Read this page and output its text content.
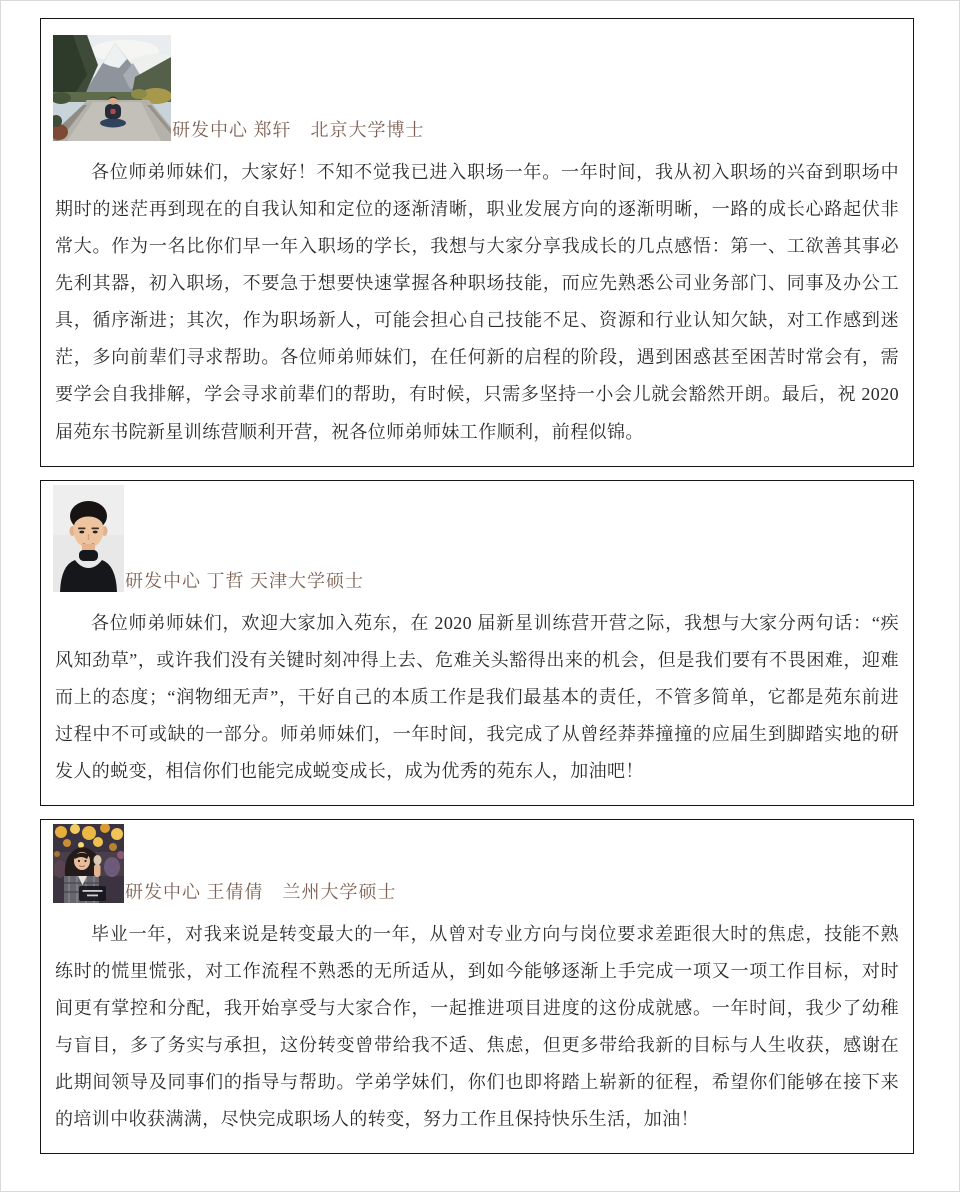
研发中心 郑轩　北京大学博士

各位师弟师妹们，大家好！不知不觉我已进入职场一年。一年时间，我从初入职场的兴奋到职场中期时的迷茫再到现在的自我认知和定位的逐渐清晰，职业发展方向的逐渐明晰，一路的成长心路起伏非常大。作为一名比你们早一年入职场的学长，我想与大家分享我成长的几点感悟：第一、工欲善其事必先利其器，初入职场，不要急于想要快速掌握各种职场技能，而应先熟悉公司业务部门、同事及办公工具，循序渐进；其次，作为职场新人，可能会担心自己技能不足、资源和行业认知欠缺，对工作感到迷茫，多向前辈们寻求帮助。各位师弟师妹们，在任何新的启程的阶段，遇到困惑甚至困苦时常会有，需要学会自我排解，学会寻求前辈们的帮助，有时候，只需多坚持一小会儿就会豁然开朗。最后，祝 2020 届苑东书院新星训练营顺利开营，祝各位师弟师妹工作顺利，前程似锦。

研发中心 丁哲 天津大学硕士

各位师弟师妹们，欢迎大家加入苑东，在 2020 届新星训练营开营之际，我想与大家分两句话：“疾风知劲草”，或许我们没有关键时刻冲得上去、危难关头豁得出来的机会，但是我们要有不畏困难，迎难而上的态度；“润物细无声”，干好自己的本质工作是我们最基本的责任，不管多简单，它都是苑东前进过程中不可或缺的一部分。师弟师妹们，一年时间，我完成了从曾经莽莽撞撞的应届生到脚踏实地的研发人的蜕变，相信你们也能完成蜕变成长，成为优秀的苑东人，加油吧！

研发中心 王倩倩　兰州大学硕士

毕业一年，对我来说是转变最大的一年，从曾对专业方向与岗位要求差距很大时的焦虑，技能不熟练时的慌里慌张，对工作流程不熟悉的无所适从，到如今能够逐渐上手完成一项又一项工作目标，对时间更有掌控和分配，我开始享受与大家合作，一起推进项目进度的这份成就感。一年时间，我少了幼稚与盲目，多了务实与承担，这份转变曾带给我不适、焦虑，但更多带给我新的目标与人生收获，感谢在此期间领导及同事们的指导与帮助。学弟学妹们，你们也即将踏上崭新的征程，希望你们能够在接下来的培训中收获满满，尽快完成职场人的转变，努力工作且保持快乐生活，加油！
